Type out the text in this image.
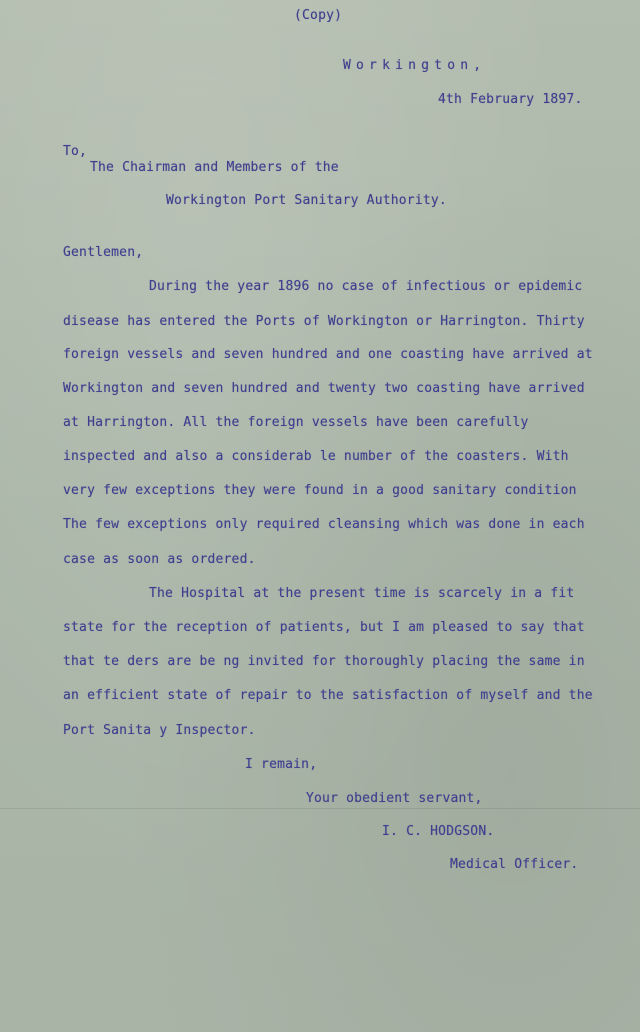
(Copy)
Workington,
4th February 1897.
To,
The Chairman and Members of the
Workington Port Sanitary Authority.
Gentlemen,
During the year 1896 no case of infectious or epidemic
disease has entered the Ports of Workington or Harrington. Thirty
foreign vessels and seven hundred and one coasting have arrived at
Workington and seven hundred and twenty two coasting have arrived
at Harrington. All the foreign vessels have been carefully
inspected and also a considerab le number of the coasters. With
very few exceptions they were found in a good sanitary condition
The few exceptions only required cleansing which was done in each
case as soon as ordered.
The Hospital at the present time is scarcely in a fit
state for the reception of patients, but I am pleased to say that
that te ders are be ng invited for thoroughly placing the same in
an efficient state of repair to the satisfaction of myself and the
Port Sanita y Inspector.
I remain,
Your obedient servant,
I. C. HODGSON.
Medical Officer.
